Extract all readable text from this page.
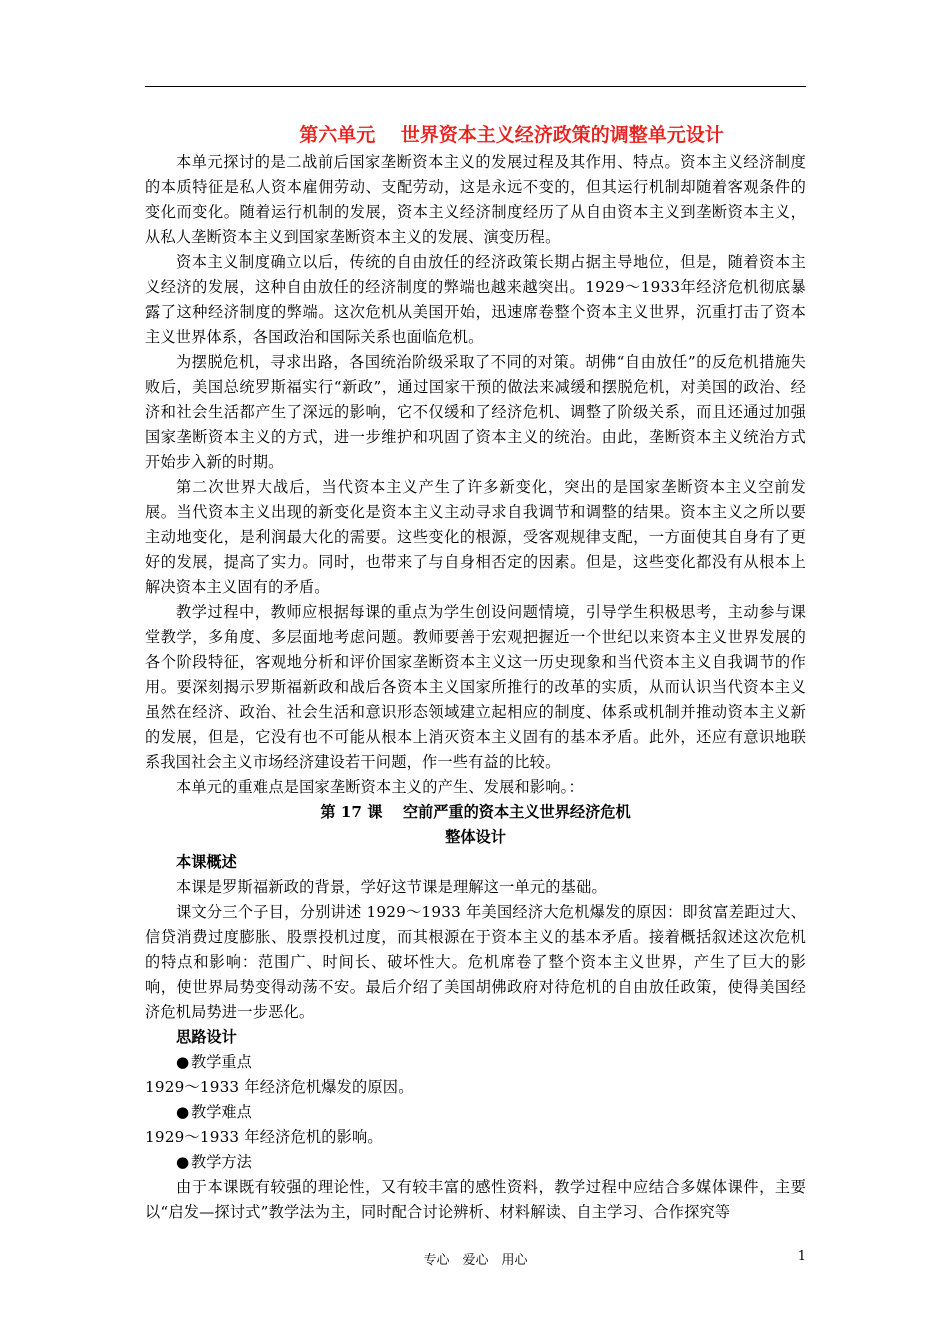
第六单元　 世界资本主义经济政策的调整单元设计

本单元探讨的是二战前后国家垄断资本主义的发展过程及其作用、特点。资本主义经济制度的本质特征是私人资本雇佣劳动、支配劳动，这是永远不变的，但其运行机制却随着客观条件的变化而变化。随着运行机制的发展，资本主义经济制度经历了从自由资本主义到垄断资本主义，从私人垄断资本主义到国家垄断资本主义的发展、演变历程。

资本主义制度确立以后，传统的自由放任的经济政策长期占据主导地位，但是，随着资本主义经济的发展，这种自由放任的经济制度的弊端也越来越突出。1929～1933年经济危机彻底暴露了这种经济制度的弊端。这次危机从美国开始，迅速席卷整个资本主义世界，沉重打击了资本主义世界体系，各国政治和国际关系也面临危机。

为摆脱危机，寻求出路，各国统治阶级采取了不同的对策。胡佛“自由放任”的反危机措施失败后，美国总统罗斯福实行“新政”，通过国家干预的做法来减缓和摆脱危机，对美国的政治、经济和社会生活都产生了深远的影响，它不仅缓和了经济危机、调整了阶级关系，而且还通过加强国家垄断资本主义的方式，进一步维护和巩固了资本主义的统治。由此，垄断资本主义统治方式开始步入新的时期。

第二次世界大战后，当代资本主义产生了许多新变化，突出的是国家垄断资本主义空前发展。当代资本主义出现的新变化是资本主义主动寻求自我调节和调整的结果。资本主义之所以要主动地变化，是利润最大化的需要。这些变化的根源，受客观规律支配，一方面使其自身有了更好的发展，提高了实力。同时，也带来了与自身相否定的因素。但是，这些变化都没有从根本上解决资本主义固有的矛盾。

教学过程中，教师应根据每课的重点为学生创设问题情境，引导学生积极思考，主动参与课堂教学，多角度、多层面地考虑问题。教师要善于宏观把握近一个世纪以来资本主义世界发展的各个阶段特征，客观地分析和评价国家垄断资本主义这一历史现象和当代资本主义自我调节的作用。要深刻揭示罗斯福新政和战后各资本主义国家所推行的改革的实质，从而认识当代资本主义虽然在经济、政治、社会生活和意识形态领域建立起相应的制度、体系或机制并推动资本主义新的发展，但是，它没有也不可能从根本上消灭资本主义固有的基本矛盾。此外，还应有意识地联系我国社会主义市场经济建设若干问题，作一些有益的比较。

本单元的重难点是国家垄断资本主义的产生、发展和影响。：

第 17 课　 空前严重的资本主义世界经济危机
整体设计
本课概述

本课是罗斯福新政的背景，学好这节课是理解这一单元的基础。

课文分三个子目，分别讲述 1929～1933 年美国经济大危机爆发的原因：即贫富差距过大、信贷消费过度膨胀、股票投机过度，而其根源在于资本主义的基本矛盾。接着概括叙述这次危机的特点和影响：范围广、时间长、破坏性大。危机席卷了整个资本主义世界，产生了巨大的影响，使世界局势变得动荡不安。最后介绍了美国胡佛政府对待危机的自由放任政策，使得美国经济危机局势进一步恶化。

思路设计
● 教学重点

1929～1933 年经济危机爆发的原因。

● 教学难点

1929～1933 年经济危机的影响。

● 教学方法

由于本课既有较强的理论性，又有较丰富的感性资料，教学过程中应结合多媒体课件，主要以“启发—探讨式”教学法为主，同时配合讨论辨析、材料解读、自主学习、合作探究等

专心　爱心　用心	1
